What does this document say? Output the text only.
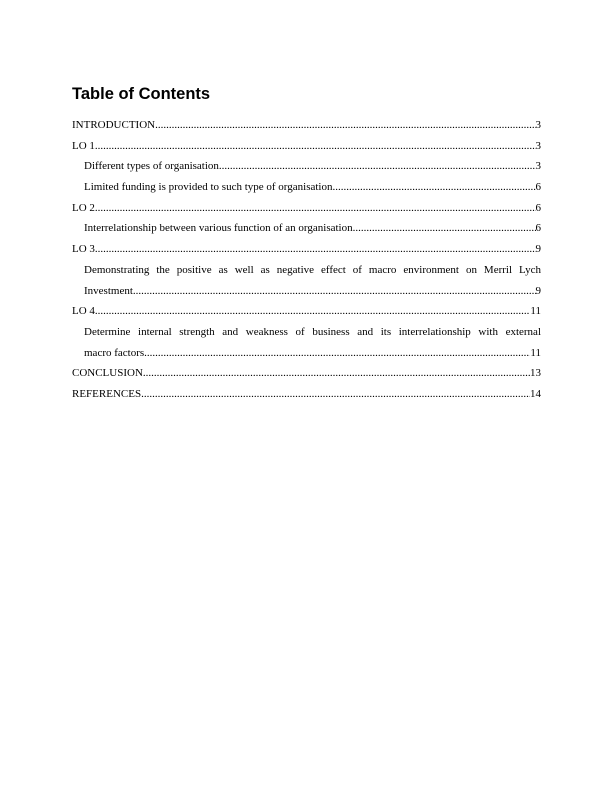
Table of Contents
INTRODUCTION .....	3
LO 1 .....	3
Different types of organisation .....	3
Limited funding is provided to such type of organisation. .....	6
LO 2 .....	6
Interrelationship between various function of an organisation .....	6
LO 3 .....	9
Demonstrating the positive as well as negative effect of macro environment on Merril Lych
Investment .....	9
LO 4 .....	11
Determine internal strength and weakness of business and its interrelationship with external
macro factors .....	11
CONCLUSION .....	13
REFERENCES .....	14
